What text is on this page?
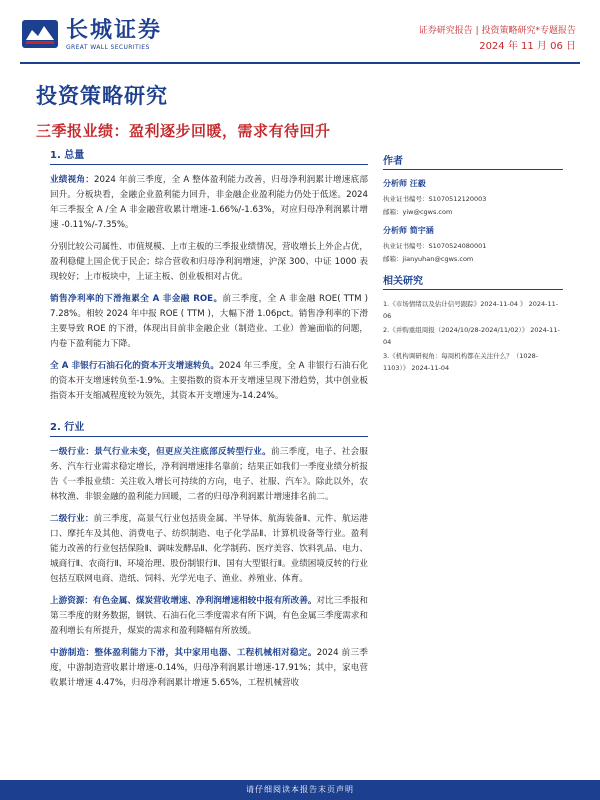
长城证券
GREAT WALL SECURITIES
证券研究报告 | 投资策略研究*专题报告
2024 年 11 月 06 日
投资策略研究
三季报业绩：盈利逐步回暖，需求有待回升
1. 总量

业绩视角：2024 年前三季度，全 A 整体盈利能力改善，归母净利润累计增速底部回升。分板块看，金融企业盈利能力回升，非金融企业盈利能力仍处于低迷。2024 年三季报全 A /全 A 非金融营收累计增速-1.66%/-1.63%，对应归母净利润累计增速 -0.11%/-7.35%。

分别比较公司属性、市值规模、上市主板的三季报业绩情况，营收增长上外企占优，盈利稳健上国企优于民企；综合营收和归母净利润增速，沪深 300、中证 1000 表现较好；上市板块中，上证主板、创业板相对占优。

销售净利率的下滑拖累全 A 非金融 ROE。前三季度，全 A 非金融 ROE( TTM ) 7.28%。相较 2024 年中报 ROE ( TTM )，大幅下滑 1.06pct。销售净利率的下滑主要导致 ROE 的下滑，体现出目前非金融企业（制造业、工业）普遍面临的问题，内卷下盈利能力下降。

全 A 非银行石油石化的资本开支增速转负。2024 年三季度，全 A 非银行石油石化的资本开支增速转负至-1.9%。主要指数的资本开支增速呈现下滑趋势，其中创业板指资本开支缩减程度较为领先，其资本开支增速为-14.24%。

2. 行业

一级行业：景气行业未变，但更应关注底部反转型行业。前三季度，电子、社会服务、汽车行业需求稳定增长，净利润增速排名靠前；结果正如我们一季度业绩分析报告《一季报业绩：关注收入增长可持续的方向，电子、社服、汽车》。除此以外，农林牧渔、非银金融的盈利能力回暖，二者的归母净利润累计增速排名前二。

二级行业：前三季度，高景气行业包括贵金属、半导体、航海装备Ⅱ、元件、航运港口、摩托车及其他、消费电子、纺织制造、电子化学品Ⅱ、计算机设备等行业。盈利能力改善的行业包括保险Ⅱ、调味发酵品Ⅱ、化学制药、医疗美容、饮料乳品、电力、城商行Ⅱ、农商行Ⅱ、环境治理、股份制银行Ⅱ、国有大型银行Ⅱ。业绩困境反转的行业包括互联网电商、造纸、饲料、光学光电子、渔业、养殖业、体育。

上游资源：有色金属、煤炭营收增速、净利润增速相较中报有所改善。对比三季报和第三季度的财务数据，钢铁、石油石化三季度需求有所下调，有色金属三季度需求和盈利增长有所提升，煤炭的需求和盈利降幅有所放缓。

中游制造：整体盈利能力下滑，其中家用电器、工程机械相对稳定。2024 前三季度，中游制造营收累计增速-0.14%，归母净利润累计增速-17.91%；其中，家电营收累计增速 4.47%，归母净利润累计增速 5.65%，工程机械营收

作者
分析师 汪毅
执业证书编号：S1070512120003
邮箱：yiw@cgws.com
分析师 简宇涵
执业证书编号：S1070524080001
邮箱：jianyuhan@cgws.com
相关研究
1.《市场情绪以及估计信号跟踪》2024-11-04 》 2024-11-06
2.《并购重组周报（2024/10/28-2024/11/02）》 2024-11-04
3.《机构调研视角：每周机构都在关注什么？（1028-1103）》 2024-11-04
请仔细阅读本报告末页声明
